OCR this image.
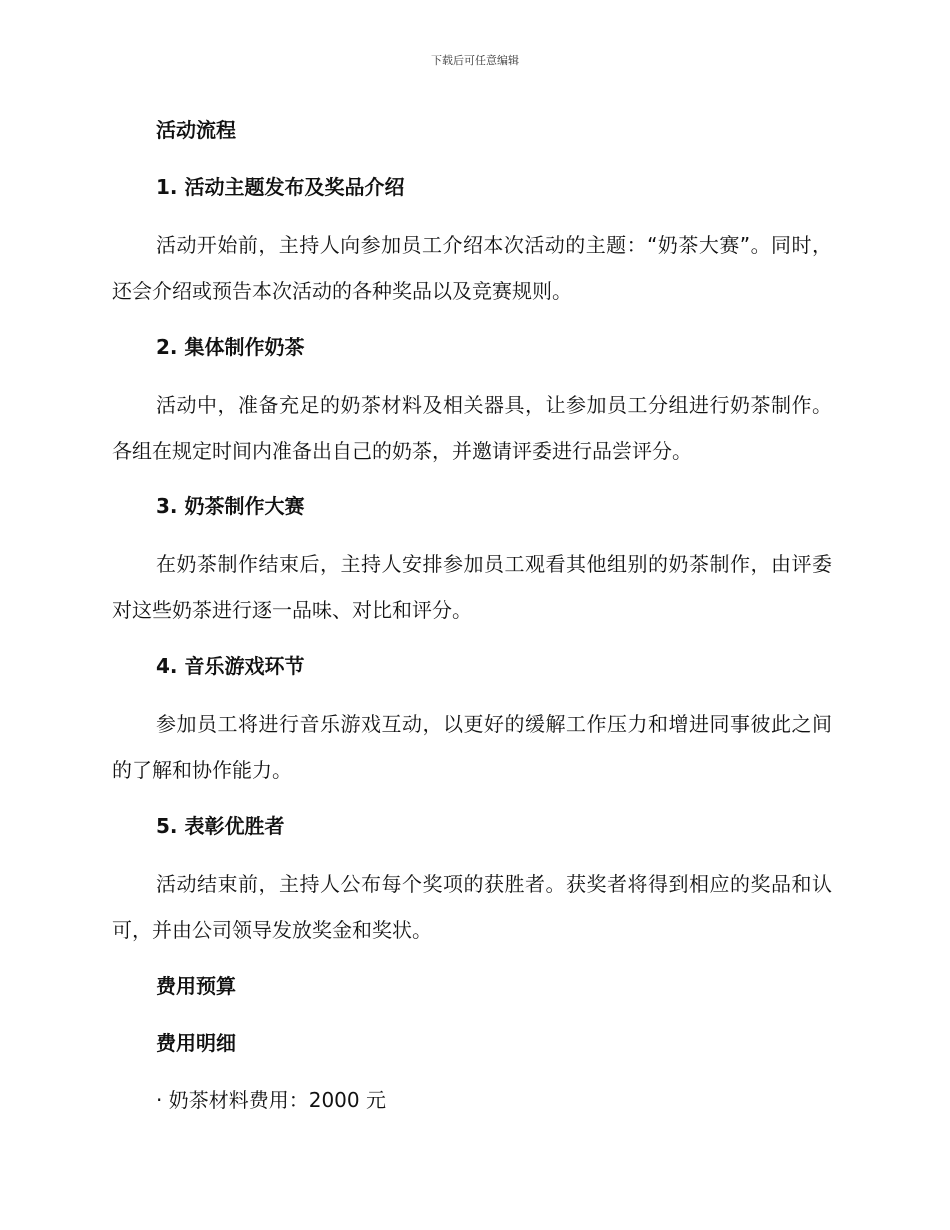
下载后可任意编辑
活动流程
1. 活动主题发布及奖品介绍
活动开始前，主持人向参加员工介绍本次活动的主题：“奶茶大赛”。同时，还会介绍或预告本次活动的各种奖品以及竞赛规则。
2. 集体制作奶茶
活动中，准备充足的奶茶材料及相关器具，让参加员工分组进行奶茶制作。各组在规定时间内准备出自己的奶茶，并邀请评委进行品尝评分。
3. 奶茶制作大赛
在奶茶制作结束后，主持人安排参加员工观看其他组别的奶茶制作，由评委对这些奶茶进行逐一品味、对比和评分。
4. 音乐游戏环节
参加员工将进行音乐游戏互动，以更好的缓解工作压力和增进同事彼此之间的了解和协作能力。
5. 表彰优胜者
活动结束前，主持人公布每个奖项的获胜者。获奖者将得到相应的奖品和认可，并由公司领导发放奖金和奖状。
费用预算
费用明细
· 奶茶材料费用：2000 元
